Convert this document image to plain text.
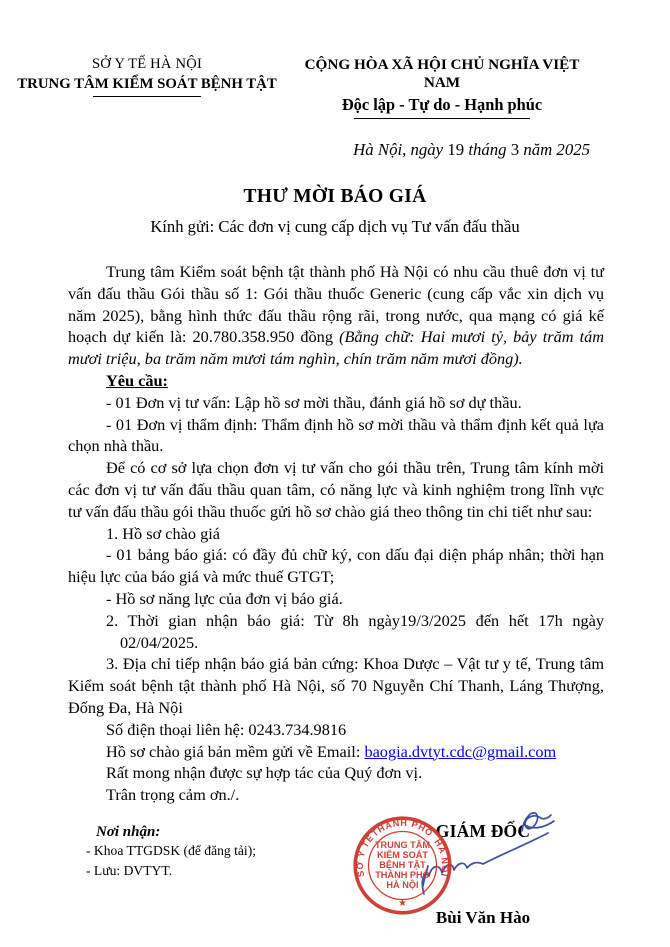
SỞ Y TẾ HÀ NỘI
TRUNG TÂM KIỂM SOÁT BỆNH TẬT
CỘNG HÒA XÃ HỘI CHỦ NGHĨA VIỆT NAM
Độc lập - Tự do - Hạnh phúc
Hà Nội, ngày 19 tháng 3 năm 2025
THƯ MỜI BÁO GIÁ
Kính gửi: Các đơn vị cung cấp dịch vụ Tư vấn đấu thầu

Trung tâm Kiểm soát bệnh tật thành phố Hà Nội có nhu cầu thuê đơn vị tư vấn đấu thầu Gói thầu số 1: Gói thầu thuốc Generic (cung cấp vắc xin dịch vụ năm 2025), bằng hình thức đấu thầu rộng rãi, trong nước, qua mạng có giá kế hoạch dự kiến là: 20.780.358.950 đồng (Bằng chữ: Hai mươi tỷ, bảy trăm tám mươi triệu, ba trăm năm mươi tám nghìn, chín trăm năm mươi đồng).

Yêu cầu:

- 01 Đơn vị tư vấn: Lập hồ sơ mời thầu, đánh giá hồ sơ dự thầu.

- 01 Đơn vị thẩm định: Thẩm định hồ sơ mời thầu và thẩm định kết quả lựa chọn nhà thầu.

Để có cơ sở lựa chọn đơn vị tư vấn cho gói thầu trên, Trung tâm kính mời các đơn vị tư vấn đấu thầu quan tâm, có năng lực và kinh nghiệm trong lĩnh vực tư vấn đấu thầu gói thầu thuốc gửi hồ sơ chào giá theo thông tin chi tiết như sau:

1. Hồ sơ chào giá

- 01 bảng báo giá: có đầy đủ chữ ký, con dấu đại diện pháp nhân; thời hạn hiệu lực của báo giá và mức thuế GTGT;

- Hồ sơ năng lực của đơn vị báo giá.

2. Thời gian nhận báo giá: Từ 8h ngày19/3/2025 đến hết 17h ngày

02/04/2025.

3. Địa chỉ tiếp nhận báo giá bản cứng: Khoa Dược – Vật tư y tế, Trung tâm Kiểm soát bệnh tật thành phố Hà Nội, số 70 Nguyễn Chí Thanh, Láng Thượng, Đống Đa, Hà Nội

Số điện thoại liên hệ: 0243.734.9816

Hồ sơ chào giá bản mềm gửi về Email: baogia.dvtyt.cdc@gmail.com

Rất mong nhận được sự hợp tác của Quý đơn vị.

Trân trọng cảm ơn./.

Nơi nhận:
- Khoa TTGDSK (để đăng tải);
- Lưu: DVTYT.
GIÁM ĐỐC
Bùi Văn Hào
SỞ Y TẾ
THÀNH PHỐ
HÀ NỘI
TRUNG TÂM
KIỂM SOÁT
BỆNH TẬT
THÀNH PHỐ
HÀ NỘI
★
